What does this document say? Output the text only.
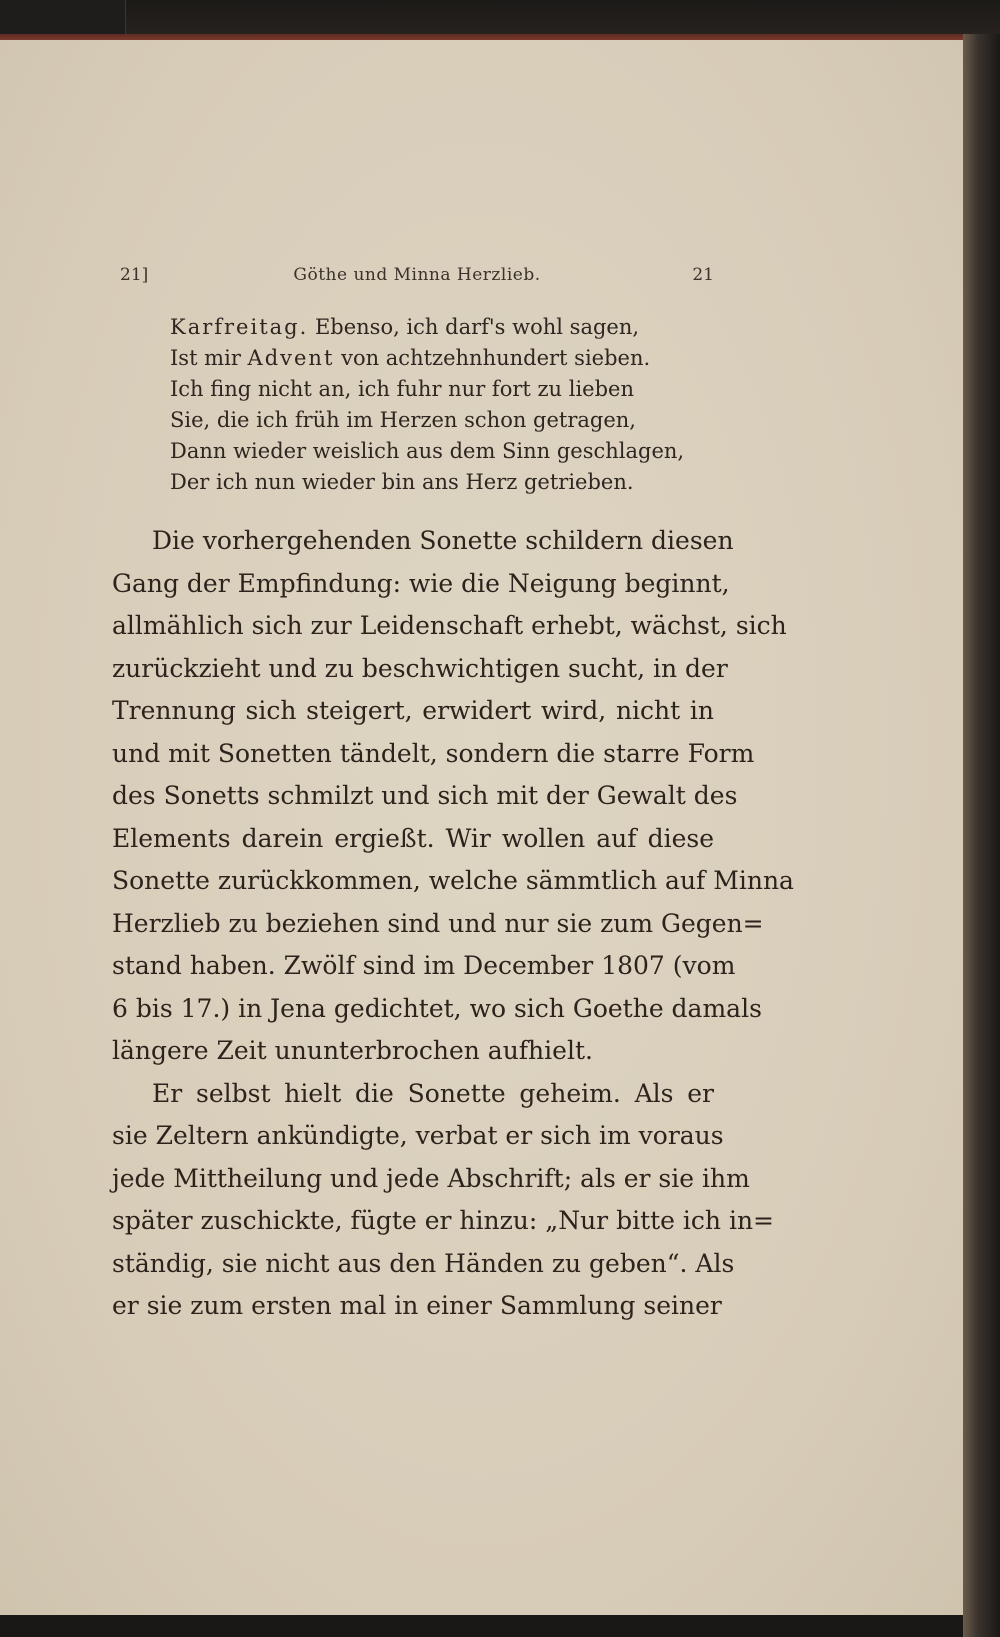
21]	Göthe und Minna Herzlieb.	21
Karfreitag. Ebenso, ich darf's wohl sagen,
Ist mir Advent von achtzehnhundert sieben.
Ich fing nicht an, ich fuhr nur fort zu lieben
Sie, die ich früh im Herzen schon getragen,
Dann wieder weislich aus dem Sinn geschlagen,
Der ich nun wieder bin ans Herz getrieben.
Die vorhergehenden Sonette schildern diesen
Gang der Empfindung: wie die Neigung beginnt,
allmählich sich zur Leidenschaft erhebt, wächst, sich
zurückzieht und zu beschwichtigen sucht, in der
Trennung sich steigert, erwidert wird, nicht in
und mit Sonetten tändelt, sondern die starre Form
des Sonetts schmilzt und sich mit der Gewalt des
Elements darein ergießt. Wir wollen auf diese
Sonette zurückkommen, welche sämmtlich auf Minna
Herzlieb zu beziehen sind und nur sie zum Gegen=
stand haben. Zwölf sind im December 1807 (vom
6 bis 17.) in Jena gedichtet, wo sich Goethe damals
längere Zeit ununterbrochen aufhielt.
Er selbst hielt die Sonette geheim. Als er
sie Zeltern ankündigte, verbat er sich im voraus
jede Mittheilung und jede Abschrift; als er sie ihm
später zuschickte, fügte er hinzu: „Nur bitte ich in=
ständig, sie nicht aus den Händen zu geben“. Als
er sie zum ersten mal in einer Sammlung seiner
